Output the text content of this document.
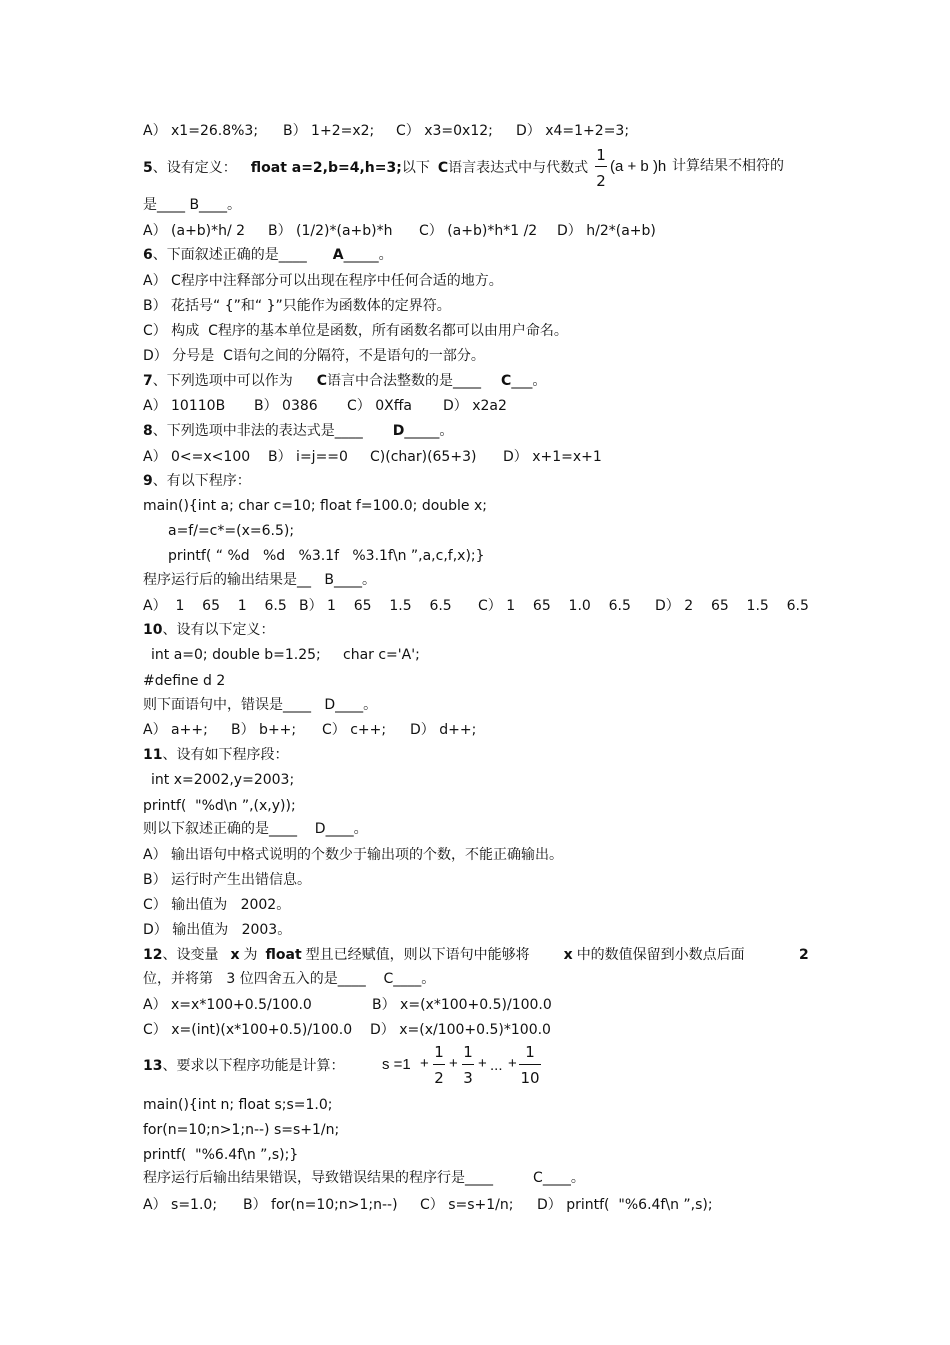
A） x1=26.8%3; B） 1+2=x2; C） x3=0x12; D） x4=1+2=3;
5、设有定义： float a=2,b=4,h=3;以下 C语言表达式中与代数式
1
2
(a + b )h 计算结果不相符的
是____ B____。
A） (a+b)*h/ 2 B） (1/2)*(a+b)*h C） (a+b)*h*1 /2 D） h/2*(a+b)
6、下面叙述正确的是____ A_____。
A） C程序中注释部分可以出现在程序中任何合适的地方。
B） 花括号“ {”和“ }”只能作为函数体的定界符。
C） 构成  C程序的基本单位是函数，所有函数名都可以由用户命名。
D） 分号是  C语句之间的分隔符，不是语句的一部分。
7、下列选项中可以作为 C语言中合法整数的是____ C___。
A） 10110B B） 0386 C） 0Xffa D） x2a2
8、下列选项中非法的表达式是____ D_____。
A） 0<=x<100 B） i=j==0 C)(char)(65+3) D） x+1=x+1
9、有以下程序：
main(){int a; char c=10; float f=100.0; double x;
a=f/=c*=(x=6.5);
printf( “ %d   %d   %3.1f   %3.1f\n ”,a,c,f,x);}
程序运行后的输出结果是__   B____。
A）  1    65    1    6.5 B） 1    65    1.5    6.5 C） 1    65    1.0    6.5 D） 2    65    1.5    6.5
10、设有以下定义：
int a=0; double b=1.25;     char c='A';
#define d 2
则下面语句中，错误是____   D____。
A） a++; B） b++; C） c++; D） d++;
11、设有如下程序段：
int x=2002,y=2003;
printf(  "%d\n ”,(x,y));
则以下叙述正确的是____    D____。
A） 输出语句中格式说明的个数少于输出项的个数，不能正确输出。
B） 运行时产生出错信息。
C） 输出值为   2002。
D） 输出值为   2003。
12、设变量 x 为 float 型且已经赋值，则以下语句中能够将 x 中的数值保留到小数点后面	2
位，并将第   3 位四舍五入的是____    C____。
A） x=x*100+0.5/100.0	B） x=(x*100+0.5)/100.0
C） x=(int)(x*100+0.5)/100.0 D） x=(x/100+0.5)*100.0
13、要求以下程序功能是计算：	s =1 +
1
2
+
1
3
+ ... +
1
10
main(){int n; float s;s=1.0;
for(n=10;n>1;n--) s=s+1/n;
printf(  "%6.4f\n ”,s);}
程序运行后输出结果错误，导致错误结果的程序行是____         C____。
A） s=1.0; B） for(n=10;n>1;n--) C） s=s+1/n; D） printf(  "%6.4f\n ”,s);
